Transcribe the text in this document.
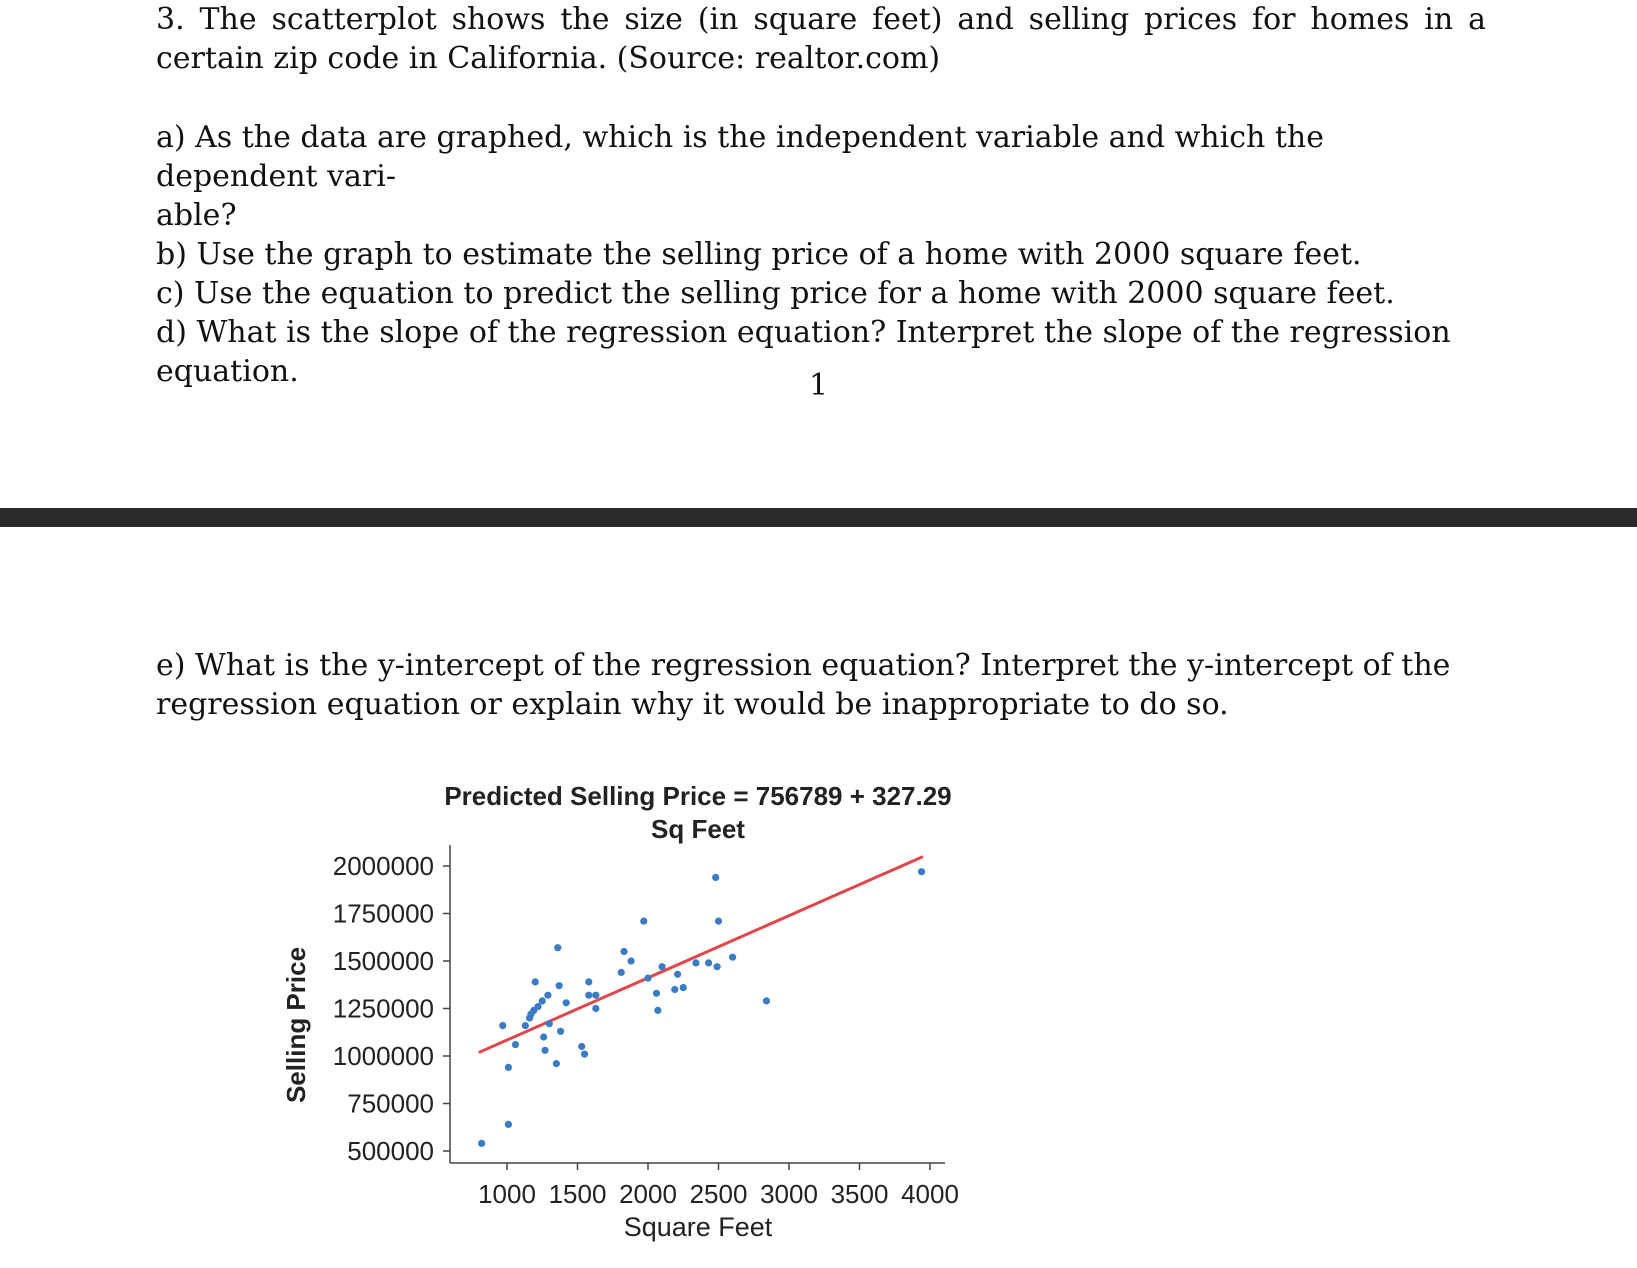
3. The scatterplot shows the size (in square feet) and selling prices for homes in a certain zip code in California. (Source: realtor.com)
a) As the data are graphed, which is the independent variable and which the dependent vari-
able?
b) Use the graph to estimate the selling price of a home with 2000 square feet.
c) Use the equation to predict the selling price for a home with 2000 square feet.
d) What is the slope of the regression equation? Interpret the slope of the regression equation.	1
e) What is the y-intercept of the regression equation? Interpret the y-intercept of the regression equation or explain why it would be inappropriate to do so.
Predicted Selling Price = 756789 + 327.29
Sq Feet
Selling Price
Square Feet
2000000
1750000
1500000
1250000
1000000
750000
500000
1000 1500 2000 2500 3000 3500 4000
